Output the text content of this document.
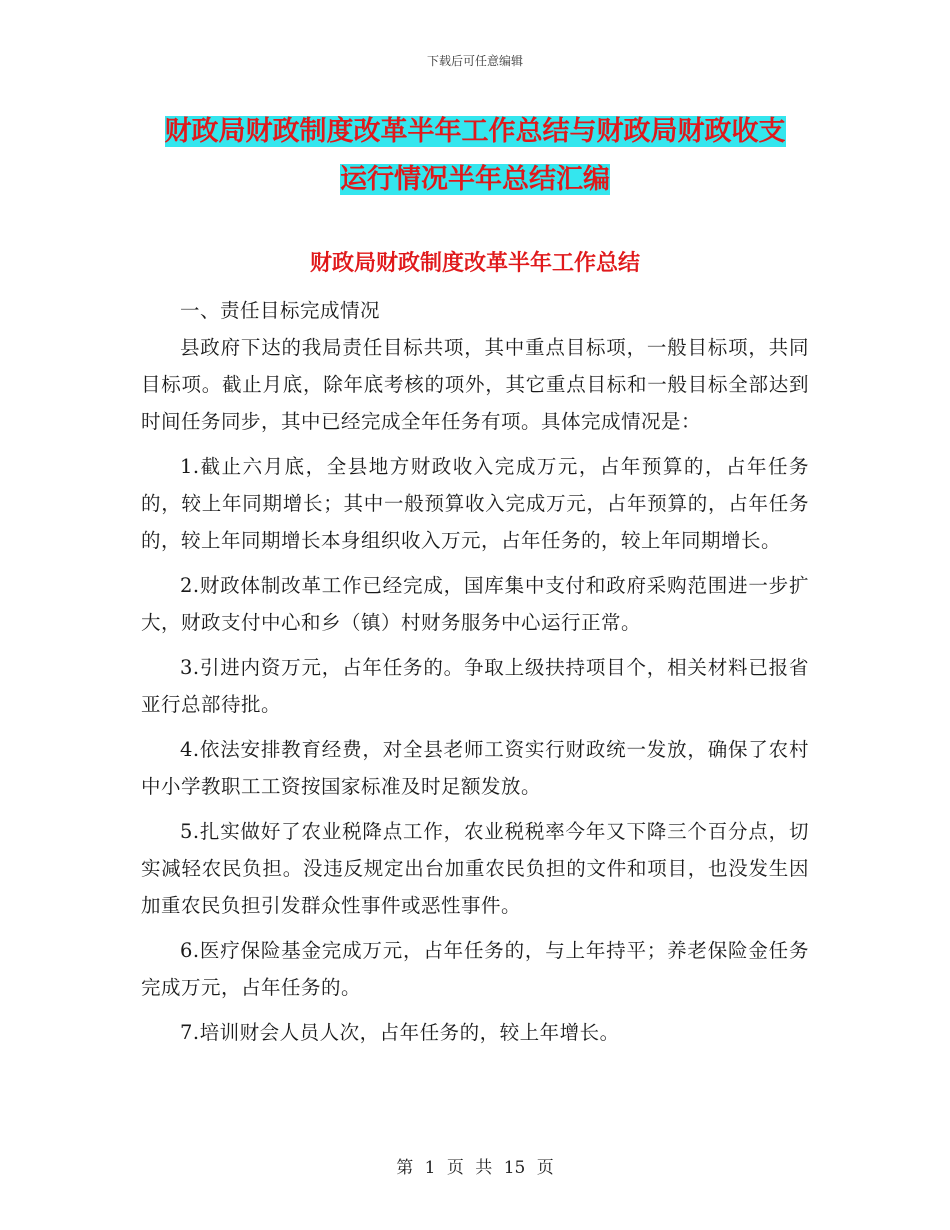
下载后可任意编辑
财政局财政制度改革半年工作总结与财政局财政收支
运行情况半年总结汇编
财政局财政制度改革半年工作总结

一、责任目标完成情况

县政府下达的我局责任目标共项，其中重点目标项，一般目标项，共同目标项。截止月底，除年底考核的项外，其它重点目标和一般目标全部达到时间任务同步，其中已经完成全年任务有项。具体完成情况是：

1.截止六月底，全县地方财政收入完成万元，占年预算的，占年任务的，较上年同期增长；其中一般预算收入完成万元，占年预算的，占年任务的，较上年同期增长本身组织收入万元，占年任务的，较上年同期增长。

2.财政体制改革工作已经完成，国库集中支付和政府采购范围进一步扩大，财政支付中心和乡（镇）村财务服务中心运行正常。

3.引进内资万元，占年任务的。争取上级扶持项目个，相关材料已报省亚行总部待批。

4.依法安排教育经费，对全县老师工资实行财政统一发放，确保了农村中小学教职工工资按国家标准及时足额发放。

5.扎实做好了农业税降点工作，农业税税率今年又下降三个百分点，切实减轻农民负担。没违反规定出台加重农民负担的文件和项目，也没发生因加重农民负担引发群众性事件或恶性事件。

6.医疗保险基金完成万元，占年任务的，与上年持平；养老保险金任务完成万元，占年任务的。

7.培训财会人员人次，占年任务的，较上年增长。

第 1 页 共 15 页
